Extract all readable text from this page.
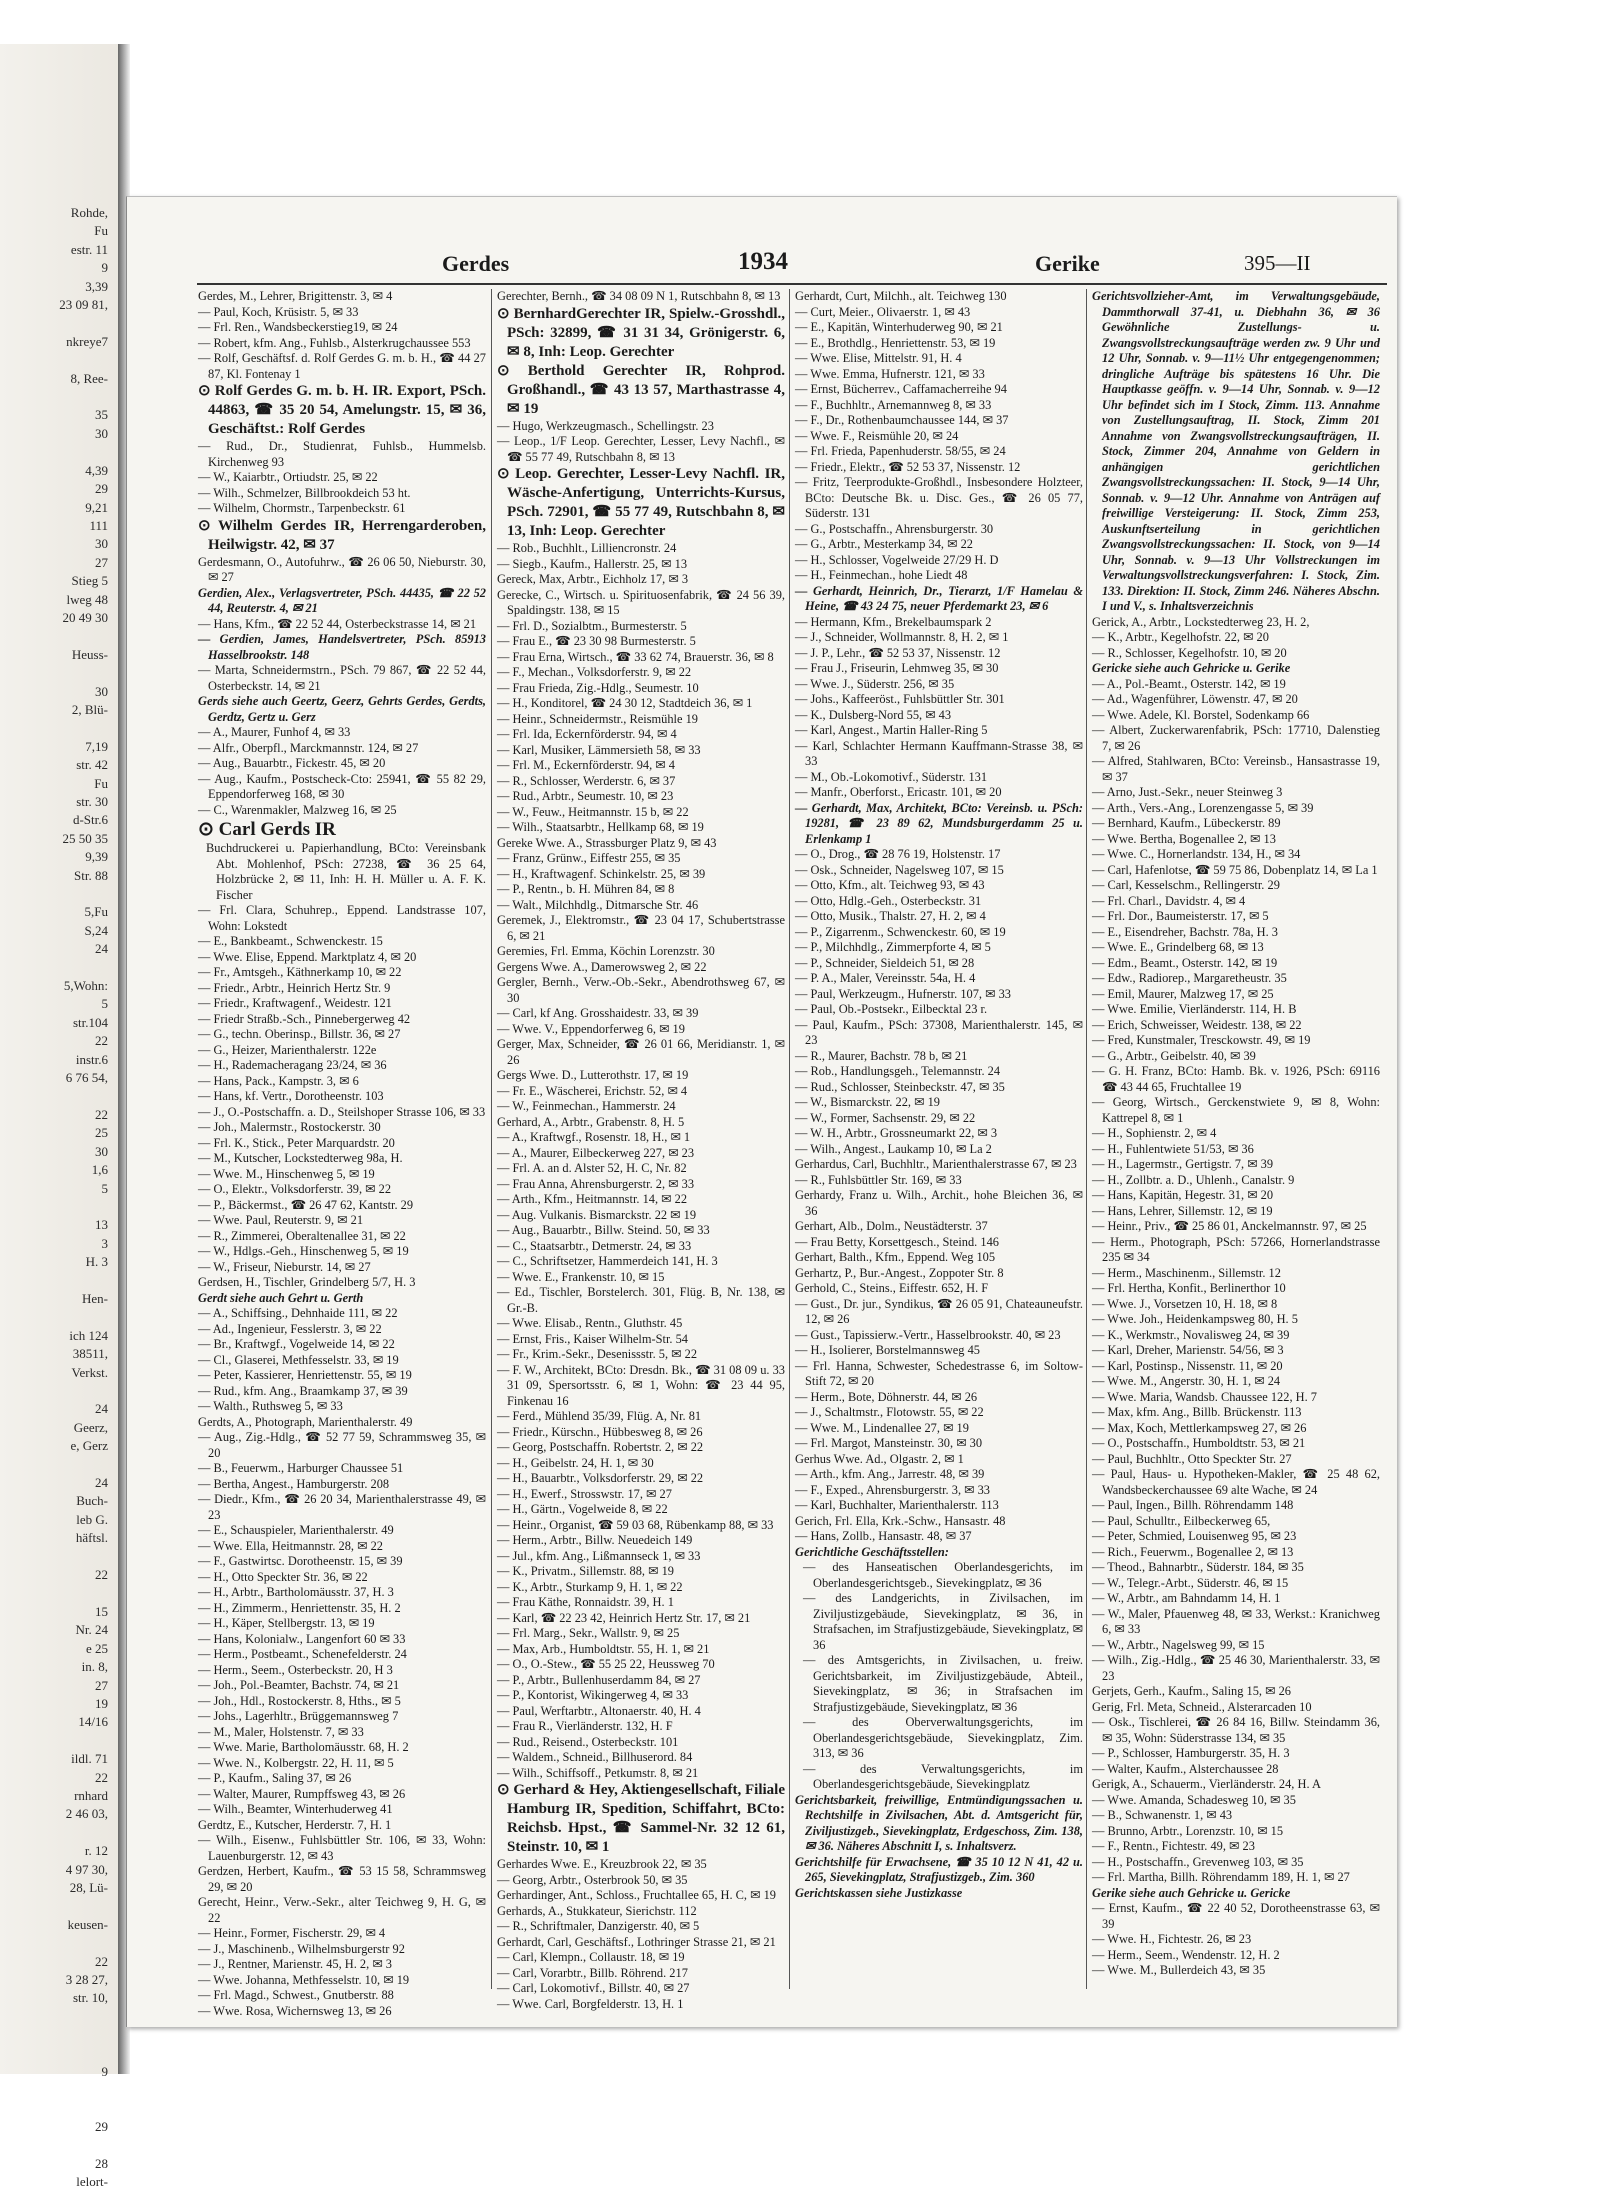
Rohde,
Fu
estr. 11
9
3,39
23 09 81,

nkreye7

8, Ree-

35
30

4,39
29
9,21
111
30
27
Stieg 5
lweg 48
20 49 30

Heuss-

30
2, Blü-

7,19
str. 42
Fu
str. 30
d-Str.6
25 50 35
9,39
Str. 88

5,Fu
S,24
24

5,Wohn:
5
str.104
22
instr.6
6 76 54,

22
25
30
1,6
5

13
3
H. 3

Hen-

ich 124
38511,
Verkst.

24
Geerz,
e, Gerz

24
Buch-
leb G.
häftsl.

22

15
Nr. 24
e 25
in. 8,
27
19
14/16

ildl. 71
22
rnhard
2 46 03,

r. 12
4 97 30,
28, Lü-

keusen-

22
3 28 27,
str. 10,

9

29

28
lelort-
Gerdes	1934	Gerike	395—II

Gerdes, M., Lehrer, Brigittenstr. 3, ✉ 4

— Paul, Koch, Krüsistr. 5, ✉ 33

— Frl. Ren., Wandsbeckerstieg19, ✉ 24

— Robert, kfm. Ang., Fuhlsb., Alsterkrugchaussee 553

— Rolf, Geschäftsf. d. Rolf Gerdes G. m. b. H., ☎ 44 27 87, Kl. Fontenay 1

⊙ Rolf Gerdes G. m. b. H. IR. Export, PSch. 44863, ☎ 35 20 54, Amelungstr. 15, ✉ 36, Geschäftst.: Rolf Gerdes

— Rud., Dr., Studienrat, Fuhlsb., Hummelsb. Kirchenweg 93

— W., Kaiarbtr., Ortiudstr. 25, ✉ 22

— Wilh., Schmelzer, Billbrookdeich 53 ht.

— Wilhelm, Chormstr., Tarpenbeckstr. 61

⊙ Wilhelm Gerdes IR, Herrengarderoben, Heilwigstr. 42, ✉ 37

Gerdesmann, O., Autofuhrw., ☎ 26 06 50, Nieburstr. 30, ✉ 27

Gerdien, Alex., Verlagsvertreter, PSch. 44435, ☎ 22 52 44, Reuterstr. 4, ✉ 21

— Hans, Kfm., ☎ 22 52 44, Osterbeckstrasse 14, ✉ 21

— Gerdien, James, Handelsvertreter, PSch. 85913 Hasselbrookstr. 148

— Marta, Schneidermstrn., PSch. 79 867, ☎ 22 52 44, Osterbeckstr. 14, ✉ 21

Gerds siehe auch Geertz, Geerz, Gehrts Gerdes, Gerdts, Gerdtz, Gertz u. Gerz

— A., Maurer, Funhof 4, ✉ 33

— Alfr., Oberpfl., Marckmannstr. 124, ✉ 27

— Aug., Bauarbtr., Fickestr. 45, ✉ 20

— Aug., Kaufm., Postscheck-Cto: 25941, ☎ 55 82 29, Eppendorferweg 168, ✉ 30

— C., Warenmakler, Malzweg 16, ✉ 25

⊙ Carl Gerds IR

Buchdruckerei u. Papierhandlung, BCto: Vereinsbank Abt. Mohlenhof, PSch: 27238, ☎ 36 25 64, Holzbrücke 2, ✉ 11, Inh: H. H. Müller u. A. F. K. Fischer

— Frl. Clara, Schuhrep., Eppend. Landstrasse 107, Wohn: Lokstedt

— E., Bankbeamt., Schwenckestr. 15

— Wwe. Elise, Eppend. Marktplatz 4, ✉ 20

— Fr., Amtsgeh., Käthnerkamp 10, ✉ 22

— Friedr., Arbtr., Heinrich Hertz Str. 9

— Friedr., Kraftwagenf., Weidestr. 121

— Friedr Straßb.-Sch., Pinnebergerweg 42

— G., techn. Oberinsp., Billstr. 36, ✉ 27

— G., Heizer, Marienthalerstr. 122e

— H., Rademacheragang 23/24, ✉ 36

— Hans, Pack., Kampstr. 3, ✉ 6

— Hans, kf. Vertr., Dorotheenstr. 103

— J., O.-Postschaffn. a. D., Steilshoper Strasse 106, ✉ 33

— Joh., Malermstr., Rostockerstr. 30

— Frl. K., Stick., Peter Marquardstr. 20

— M., Kutscher, Lockstedterweg 98a, H.

— Wwe. M., Hinschenweg 5, ✉ 19

— O., Elektr., Volksdorferstr. 39, ✉ 22

— P., Bäckermst., ☎ 26 47 62, Kantstr. 29

— Wwe. Paul, Reuterstr. 9, ✉ 21

— R., Zimmerei, Oberaltenallee 31, ✉ 22

— W., Hdlgs.-Geh., Hinschenweg 5, ✉ 19

— W., Friseur, Nieburstr. 14, ✉ 27

Gerdsen, H., Tischler, Grindelberg 5/7, H. 3

Gerdt siehe auch Gehrt u. Gerth

— A., Schiffsing., Dehnhaide 111, ✉ 22

— Ad., Ingenieur, Fesslerstr. 3, ✉ 22

— Br., Kraftwgf., Vogelweide 14, ✉ 22

— Cl., Glaserei, Methfesselstr. 33, ✉ 19

— Peter, Kassierer, Henriettenstr. 55, ✉ 19

— Rud., kfm. Ang., Braamkamp 37, ✉ 39

— Walth., Ruthsweg 5, ✉ 33

Gerdts, A., Photograph, Marienthalerstr. 49

— Aug., Zig.-Hdlg., ☎ 52 77 59, Schrammsweg 35, ✉ 20

— B., Feuerwm., Harburger Chaussee 51

— Bertha, Angest., Hamburgerstr. 208

— Diedr., Kfm., ☎ 26 20 34, Marienthalerstrasse 49, ✉ 23

— E., Schauspieler, Marienthalerstr. 49

— Wwe. Ella, Heitmannstr. 28, ✉ 22

— F., Gastwirtsc. Dorotheenstr. 15, ✉ 39

— H., Otto Speckter Str. 36, ✉ 22

— H., Arbtr., Bartholomäusstr. 37, H. 3

— H., Zimmerm., Henriettenstr. 35, H. 2

— H., Käper, Stellbergstr. 13, ✉ 19

— Hans, Kolonialw., Langenfort 60 ✉ 33

— Herm., Postbeamt., Schenefelderstr. 24

— Herm., Seem., Osterbeckstr. 20, H 3

— Joh., Pol.-Beamter, Bachstr. 74, ✉ 21

— Joh., Hdl., Rostockerstr. 8, Hths., ✉ 5

— Johs., Lagerhltr., Brüggemannsweg 7

— M., Maler, Holstenstr. 7, ✉ 33

— Wwe. Marie, Bartholomäusstr. 68, H. 2

— Wwe. N., Kolbergstr. 22, H. 11, ✉ 5

— P., Kaufm., Saling 37, ✉ 26

— Walter, Maurer, Rumpffsweg 43, ✉ 26

— Wilh., Beamter, Winterhuderweg 41

Gerdtz, E., Kutscher, Herderstr. 7, H. 1

— Wilh., Eisenw., Fuhlsbüttler Str. 106, ✉ 33, Wohn: Lauenburgerstr. 12, ✉ 43

Gerdzen, Herbert, Kaufm., ☎ 53 15 58, Schrammsweg 29, ✉ 20

Gerecht, Heinr., Verw.-Sekr., alter Teichweg 9, H. G, ✉ 22

— Heinr., Former, Fischerstr. 29, ✉ 4

— J., Maschinenb., Wilhelmsburgerstr 92

— J., Rentner, Marienstr. 45, H. 2, ✉ 3

— Wwe. Johanna, Methfesselstr. 10, ✉ 19

— Frl. Magd., Schwest., Gnutberstr. 88

— Wwe. Rosa, Wichernsweg 13, ✉ 26

Gerechter, Bernh., ☎ 34 08 09 N 1, Rutschbahn 8, ✉ 13

⊙ BernhardGerechter IR, Spielw.-Grosshdl., PSch: 32899, ☎ 31 31 34, Grönigerstr. 6, ✉ 8, Inh: Leop. Gerechter

⊙ Berthold Gerechter IR, Rohprod. Großhandl., ☎ 43 13 57, Marthastrasse 4, ✉ 19

— Hugo, Werkzeugmasch., Schellingstr. 23

— Leop., 1/F Leop. Gerechter, Lesser, Levy Nachfl., ✉ ☎ 55 77 49, Rutschbahn 8, ✉ 13

⊙ Leop. Gerechter, Lesser-Levy Nachfl. IR, Wäsche-Anfertigung, Unterrichts-Kursus, PSch. 72901, ☎ 55 77 49, Rutschbahn 8, ✉ 13, Inh: Leop. Gerechter

— Rob., Buchhlt., Lilliencronstr. 24

— Siegb., Kaufm., Hallerstr. 25, ✉ 13

Gereck, Max, Arbtr., Eichholz 17, ✉ 3

Gerecke, C., Wirtsch. u. Spirituosenfabrik, ☎ 24 56 39, Spaldingstr. 138, ✉ 15

— Frl. D., Sozialbtm., Burmesterstr. 5

— Frau E., ☎ 23 30 98 Burmesterstr. 5

— Frau Erna, Wirtsch., ☎ 33 62 74, Brauerstr. 36, ✉ 8

— F., Mechan., Volksdorferstr. 9, ✉ 22

— Frau Frieda, Zig.-Hdlg., Seumestr. 10

— H., Konditorel, ☎ 24 30 12, Stadtdeich 36, ✉ 1

— Heinr., Schneidermstr., Reismühle 19

— Frl. Ida, Eckernförderstr. 94, ✉ 4

— Karl, Musiker, Lämmersieth 58, ✉ 33

— Frl. M., Eckernförderstr. 94, ✉ 4

— R., Schlosser, Werderstr. 6, ✉ 37

— Rud., Arbtr., Seumestr. 10, ✉ 23

— W., Feuw., Heitmannstr. 15 b, ✉ 22

— Wilh., Staatsarbtr., Hellkamp 68, ✉ 19

Gereke Wwe. A., Strassburger Platz 9, ✉ 43

— Franz, Grünw., Eiffestr 255, ✉ 35

— H., Kraftwagenf. Schinkelstr. 25, ✉ 39

— P., Rentn., b. H. Mühren 84, ✉ 8

— Walt., Milchhdlg., Ditmarsche Str. 46

Geremek, J., Elektromstr., ☎ 23 04 17, Schubertstrasse 6, ✉ 21

Geremies, Frl. Emma, Köchin Lorenzstr. 30

Gergens Wwe. A., Damerowsweg 2, ✉ 22

Gergler, Bernh., Verw.-Ob.-Sekr., Abendrothsweg 67, ✉ 30

— Carl, kf Ang. Grosshaidestr. 33, ✉ 39

— Wwe. V., Eppendorferweg 6, ✉ 19

Gerger, Max, Schneider, ☎ 26 01 66, Meridianstr. 1, ✉ 26

Gergs Wwe. D., Lutterothstr. 17, ✉ 19

— Fr. E., Wäscherei, Erichstr. 52, ✉ 4

— W., Feinmechan., Hammerstr. 24

Gerhard, A., Arbtr., Grabenstr. 8, H. 5

— A., Kraftwgf., Rosenstr. 18, H., ✉ 1

— A., Maurer, Eilbeckerweg 227, ✉ 23

— Frl. A. an d. Alster 52, H. C, Nr. 82

— Frau Anna, Ahrensburgerstr. 2, ✉ 33

— Arth., Kfm., Heitmannstr. 14, ✉ 22

— Aug. Vulkanis. Bismarckstr. 22 ✉ 19

— Aug., Bauarbtr., Billw. Steind. 50, ✉ 33

— C., Staatsarbtr., Detmerstr. 24, ✉ 33

— C., Schriftsetzer, Hammerdeich 141, H. 3

— Wwe. E., Frankenstr. 10, ✉ 15

— Ed., Tischler, Borstelerch. 301, Flüg. B, Nr. 138, ✉ Gr.-B.

— Wwe. Elisab., Rentn., Gluthstr. 45

— Ernst, Fris., Kaiser Wilhelm-Str. 54

— Fr., Krim.-Sekr., Desenissstr. 5, ✉ 22

— F. W., Architekt, BCto: Dresdn. Bk., ☎ 31 08 09 u. 33 31 09, Spersortsstr. 6, ✉ 1, Wohn: ☎ 23 44 95, Finkenau 16

— Ferd., Mühlend 35/39, Flüg. A, Nr. 81

— Friedr., Kürschn., Hübbesweg 8, ✉ 26

— Georg, Postschaffn. Robertstr. 2, ✉ 22

— H., Geibelstr. 24, H. 1, ✉ 30

— H., Bauarbtr., Volksdorferstr. 29, ✉ 22

— H., Ewerf., Strosswstr. 17, ✉ 27

— H., Gärtn., Vogelweide 8, ✉ 22

— Heinr., Organist, ☎ 59 03 68, Rübenkamp 88, ✉ 33

— Herm., Arbtr., Billw. Neuedeich 149

— Jul., kfm. Ang., Lißmannseck 1, ✉ 33

— K., Privatm., Sillemstr. 88, ✉ 19

— K., Arbtr., Sturkamp 9, H. 1, ✉ 22

— Frau Käthe, Ronnaidstr. 39, H. 1

— Karl, ☎ 22 23 42, Heinrich Hertz Str. 17, ✉ 21

— Frl. Marg., Sekr., Wallstr. 9, ✉ 25

— Max, Arb., Humboldtstr. 55, H. 1, ✉ 21

— O., O.-Stew., ☎ 55 25 22, Heussweg 70

— P., Arbtr., Bullenhuserdamm 84, ✉ 27

— P., Kontorist, Wikingerweg 4, ✉ 33

— Paul, Werftarbtr., Altonaerstr. 40, H. 4

— Frau R., Vierländerstr. 132, H. F

— Rud., Reisend., Osterbeckstr. 101

— Waldem., Schneid., Billhuserord. 84

— Wilh., Schiffsoff., Petkumstr. 8, ✉ 21

⊙ Gerhard & Hey, Aktiengesellschaft, Filiale Hamburg IR, Spedition, Schiffahrt, BCto: Reichsb. Hpst., ☎ Sammel-Nr. 32 12 61, Steinstr. 10, ✉ 1

Gerhardes Wwe. E., Kreuzbrook 22, ✉ 35

— Georg, Arbtr., Osterbrook 50, ✉ 35

Gerhardinger, Ant., Schloss., Fruchtallee 65, H. C, ✉ 19

Gerhards, A., Stukkateur, Sierichstr. 112

— R., Schriftmaler, Danzigerstr. 40, ✉ 5

Gerhardt, Carl, Geschäftsf., Lothringer Strasse 21, ✉ 21

— Carl, Klempn., Collaustr. 18, ✉ 19

— Carl, Vorarbtr., Billb. Röhrend. 217

— Carl, Lokomotivf., Billstr. 40, ✉ 27

— Wwe. Carl, Borgfelderstr. 13, H. 1

Gerhardt, Curt, Milchh., alt. Teichweg 130

— Curt, Meier., Olivaerstr. 1, ✉ 43

— E., Kapitän, Winterhuderweg 90, ✉ 21

— E., Brothdlg., Henriettenstr. 53, ✉ 19

— Wwe. Elise, Mittelstr. 91, H. 4

— Wwe. Emma, Hufnerstr. 121, ✉ 33

— Ernst, Bücherrev., Caffamacherreihe 94

— F., Buchhltr., Arnemannweg 8, ✉ 33

— F., Dr., Rothenbaumchaussee 144, ✉ 37

— Wwe. F., Reismühle 20, ✉ 24

— Frl. Frieda, Papenhuderstr. 58/55, ✉ 24

— Friedr., Elektr., ☎ 52 53 37, Nissenstr. 12

— Fritz, Teerprodukte-Großhdl., Insbesondere Holzteer, BCto: Deutsche Bk. u. Disc. Ges., ☎ 26 05 77, Süderstr. 131

— G., Postschaffn., Ahrensburgerstr. 30

— G., Arbtr., Mesterkamp 34, ✉ 22

— H., Schlosser, Vogelweide 27/29 H. D

— H., Feinmechan., hohe Liedt 48

— Gerhardt, Heinrich, Dr., Tierarzt, 1/F Hamelau & Heine, ☎ 43 24 75, neuer Pferdemarkt 23, ✉ 6

— Hermann, Kfm., Brekelbaumspark 2

— J., Schneider, Wollmannstr. 8, H. 2, ✉ 1

— J. P., Lehr., ☎ 52 53 37, Nissenstr. 12

— Frau J., Friseurin, Lehmweg 35, ✉ 30

— Wwe. J., Süderstr. 256, ✉ 35

— Johs., Kaffeeröst., Fuhlsbüttler Str. 301

— K., Dulsberg-Nord 55, ✉ 43

— Karl, Angest., Martin Haller-Ring 5

— Karl, Schlachter Hermann Kauffmann-Strasse 38, ✉ 33

— M., Ob.-Lokomotivf., Süderstr. 131

— Manfr., Oberforst., Ericastr. 101, ✉ 20

— Gerhardt, Max, Architekt, BCto: Vereinsb. u. PSch: 19281, ☎ 23 89 62, Mundsburgerdamm 25 u. Erlenkamp 1

— O., Drog., ☎ 28 76 19, Holstenstr. 17

— Osk., Schneider, Nagelsweg 107, ✉ 15

— Otto, Kfm., alt. Teichweg 93, ✉ 43

— Otto, Hdlg.-Geh., Osterbeckstr. 31

— Otto, Musik., Thalstr. 27, H. 2, ✉ 4

— P., Zigarrenm., Schwenckestr. 60, ✉ 19

— P., Milchhdlg., Zimmerpforte 4, ✉ 5

— P., Schneider, Sieldeich 51, ✉ 28

— P. A., Maler, Vereinsstr. 54a, H. 4

— Paul, Werkzeugm., Hufnerstr. 107, ✉ 33

— Paul, Ob.-Postsekr., Eilbecktal 23 r.

— Paul, Kaufm., PSch: 37308, Marienthalerstr. 145, ✉ 23

— R., Maurer, Bachstr. 78 b, ✉ 21

— Rob., Handlungsgeh., Telemannstr. 24

— Rud., Schlosser, Steinbeckstr. 47, ✉ 35

— W., Bismarckstr. 22, ✉ 19

— W., Former, Sachsenstr. 29, ✉ 22

— W. H., Arbtr., Grossneumarkt 22, ✉ 3

— Wilh., Angest., Laukamp 10, ✉ La 2

Gerhardus, Carl, Buchhltr., Marienthalerstrasse 67, ✉ 23

— R., Fuhlsbüttler Str. 169, ✉ 33

Gerhardy, Franz u. Wilh., Archit., hohe Bleichen 36, ✉ 36

Gerhart, Alb., Dolm., Neustädterstr. 37

— Frau Betty, Korsettgesch., Steind. 146

Gerhart, Balth., Kfm., Eppend. Weg 105

Gerhartz, P., Bur.-Angest., Zoppoter Str. 8

Gerhold, C., Steins., Eiffestr. 652, H. F

— Gust., Dr. jur., Syndikus, ☎ 26 05 91, Chateauneufstr. 12, ✉ 26

— Gust., Tapissierw.-Vertr., Hasselbrookstr. 40, ✉ 23

— H., Isolierer, Borstelmannsweg 45

— Frl. Hanna, Schwester, Schedestrasse 6, im Soltow-Stift 72, ✉ 20

— Herm., Bote, Döhnerstr. 44, ✉ 26

— J., Schaltmstr., Flotowstr. 55, ✉ 22

— Wwe. M., Lindenallee 27, ✉ 19

— Frl. Margot, Mansteinstr. 30, ✉ 30

Gerhus Wwe. Ad., Olgastr. 2, ✉ 1

— Arth., kfm. Ang., Jarrestr. 48, ✉ 39

— F., Exped., Ahrensburgerstr. 3, ✉ 33

— Karl, Buchhalter, Marienthalerstr. 113

Gerich, Frl. Ella, Krk.-Schw., Hansastr. 48

— Hans, Zollb., Hansastr. 48, ✉ 37

Gerichtliche Geschäftsstellen:

— des Hanseatischen Oberlandesgerichts, im Oberlandesgerichtsgeb., Sievekingplatz, ✉ 36

— des Landgerichts, in Zivilsachen, im Ziviljustizgebäude, Sievekingplatz, ✉ 36, in Strafsachen, im Strafjustizgebäude, Sievekingplatz, ✉ 36

— des Amtsgerichts, in Zivilsachen, u. freiw. Gerichtsbarkeit, im Ziviljustizgebäude, Abteil., Sievekingplatz, ✉ 36; in Strafsachen im Strafjustizgebäude, Sievekingplatz, ✉ 36

— des Oberverwaltungsgerichts, im Oberlandesgerichtsgebäude, Sievekingplatz, Zim. 313, ✉ 36

— des Verwaltungsgerichts, im Oberlandesgerichtsgebäude, Sievekingplatz

Gerichtsbarkeit, freiwillige, Entmündigungssachen u. Rechtshilfe in Zivilsachen, Abt. d. Amtsgericht für, Ziviljustizgeb., Sievekingplatz, Erdgeschoss, Zim. 138, ✉ 36. Näheres Abschnitt I, s. Inhaltsverz.

Gerichtshilfe für Erwachsene, ☎ 35 10 12 N 41, 42 u. 265, Sievekingplatz, Strafjustizgeb., Zim. 360

Gerichtskassen siehe Justizkasse

Gerichtsvollzieher-Amt, im Verwaltungsgebäude, Dammthorwall 37-41, u. Diebhahn 36, ✉ 36 Gewöhnliche Zustellungs- u. Zwangsvollstreckungsaufträge werden zw. 9 Uhr und 12 Uhr, Sonnab. v. 9—11½ Uhr entgegengenommen; dringliche Aufträge bis spätestens 16 Uhr. Die Hauptkasse geöffn. v. 9—14 Uhr, Sonnab. v. 9—12 Uhr befindet sich im I Stock, Zimm. 113. Annahme von Zustellungsauftrag, II. Stock, Zimm 201 Annahme von Zwangsvollstreckungsaufträgen, II. Stock, Zimmer 204, Annahme von Geldern in anhängigen gerichtlichen Zwangsvollstreckungssachen: II. Stock, 9—14 Uhr, Sonnab. v. 9—12 Uhr. Annahme von Anträgen auf freiwillige Versteigerung: II. Stock, Zimm 253, Auskunftserteilung in gerichtlichen Zwangsvollstreckungssachen: II. Stock, von 9—14 Uhr, Sonnab. v. 9—13 Uhr Vollstreckungen im Verwaltungsvollstreckungsverfahren: I. Stock, Zim. 133. Direktion: II. Stock, Zimm 246. Näheres Abschn. I und V., s. Inhaltsverzeichnis

Gerick, A., Arbtr., Lockstedterweg 23, H. 2,

— K., Arbtr., Kegelhofstr. 22, ✉ 20

— R., Schlosser, Kegelhofstr. 10, ✉ 20

Gericke siehe auch Gehricke u. Gerike

— A., Pol.-Beamt., Osterstr. 142, ✉ 19

— Ad., Wagenführer, Löwenstr. 47, ✉ 20

— Wwe. Adele, Kl. Borstel, Sodenkamp 66

— Albert, Zuckerwarenfabrik, PSch: 17710, Dalenstieg 7, ✉ 26

— Alfred, Stahlwaren, BCto: Vereinsb., Hansastrasse 19, ✉ 37

— Arno, Just.-Sekr., neuer Steinweg 3

— Arth., Vers.-Ang., Lorenzengasse 5, ✉ 39

— Bernhard, Kaufm., Lübeckerstr. 89

— Wwe. Bertha, Bogenallee 2, ✉ 13

— Wwe. C., Hornerlandstr. 134, H., ✉ 34

— Carl, Hafenlotse, ☎ 59 75 86, Dobenplatz 14, ✉ La 1

— Carl, Kesselschm., Rellingerstr. 29

— Frl. Charl., Davidstr. 4, ✉ 4

— Frl. Dor., Baumeisterstr. 17, ✉ 5

— E., Eisendreher, Bachstr. 78a, H. 3

— Wwe. E., Grindelberg 68, ✉ 13

— Edm., Beamt., Osterstr. 142, ✉ 19

— Edw., Radiorep., Margaretheustr. 35

— Emil, Maurer, Malzweg 17, ✉ 25

— Wwe. Emilie, Vierländerstr. 114, H. B

— Erich, Schweisser, Weidestr. 138, ✉ 22

— Fred, Kunstmaler, Tresckowstr. 49, ✉ 19

— G., Arbtr., Geibelstr. 40, ✉ 39

— G. H. Franz, BCto: Hamb. Bk. v. 1926, PSch: 69116 ☎ 43 44 65, Fruchtallee 19

— Georg, Wirtsch., Gerckenstwiete 9, ✉ 8, Wohn: Kattrepel 8, ✉ 1

— H., Sophienstr. 2, ✉ 4

— H., Fuhlentwiete 51/53, ✉ 36

— H., Lagermstr., Gertigstr. 7, ✉ 39

— H., Zollbtr. a. D., Uhlenh., Canalstr. 9

— Hans, Kapitän, Hegestr. 31, ✉ 20

— Hans, Lehrer, Sillemstr. 12, ✉ 19

— Heinr., Priv., ☎ 25 86 01, Anckelmannstr. 97, ✉ 25

— Herm., Photograph, PSch: 57266, Hornerlandstrasse 235 ✉ 34

— Herm., Maschinenm., Sillemstr. 12

— Frl. Hertha, Konfit., Berlinerthor 10

— Wwe. J., Vorsetzen 10, H. 18, ✉ 8

— Wwe. Joh., Heidenkampsweg 80, H. 5

— K., Werkmstr., Novalisweg 24, ✉ 39

— Karl, Dreher, Marienstr. 54/56, ✉ 3

— Karl, Postinsp., Nissenstr. 11, ✉ 20

— Wwe. M., Angerstr. 30, H. 1, ✉ 24

— Wwe. Maria, Wandsb. Chaussee 122, H. 7

— Max, kfm. Ang., Billb. Brückenstr. 113

— Max, Koch, Mettlerkampsweg 27, ✉ 26

— O., Postschaffn., Humboldtstr. 53, ✉ 21

— Paul, Buchhltr., Otto Speckter Str. 27

— Paul, Haus- u. Hypotheken-Makler, ☎ 25 48 62, Wandsbeckerchaussee 69 alte Wache, ✉ 24

— Paul, Ingen., Billh. Röhrendamm 148

— Paul, Schulltr., Eilbeckerweg 65,

— Peter, Schmied, Louisenweg 95, ✉ 23

— Rich., Feuerwm., Bogenallee 2, ✉ 13

— Theod., Bahnarbtr., Süderstr. 184, ✉ 35

— W., Telegr.-Arbt., Süderstr. 46, ✉ 15

— W., Arbtr., am Bahndamm 14, H. 1

— W., Maler, Pfauenweg 48, ✉ 33, Werkst.: Kranichweg 6, ✉ 33

— W., Arbtr., Nagelsweg 99, ✉ 15

— Wilh., Zig.-Hdlg., ☎ 25 46 30, Marienthalerstr. 33, ✉ 23

Gerjets, Gerh., Kaufm., Saling 15, ✉ 26

Gerig, Frl. Meta, Schneid., Alsterarcaden 10

— Osk., Tischlerei, ☎ 26 84 16, Billw. Steindamm 36, ✉ 35, Wohn: Süderstrasse 134, ✉ 35

— P., Schlosser, Hamburgerstr. 35, H. 3

— Walter, Kaufm., Alsterchaussee 28

Gerigk, A., Schauerm., Vierländerstr. 24, H. A

— Wwe. Amanda, Schadesweg 10, ✉ 35

— B., Schwanenstr. 1, ✉ 43

— Brunno, Arbtr., Lorenzstr. 10, ✉ 15

— F., Rentn., Fichtestr. 49, ✉ 23

— H., Postschaffn., Grevenweg 103, ✉ 35

— Frl. Martha, Billh. Röhrendamm 189, H. 1, ✉ 27

Gerike siehe auch Gehricke u. Gericke

— Ernst, Kaufm., ☎ 22 40 52, Dorotheenstrasse 63, ✉ 39

— Wwe. H., Fichtestr. 26, ✉ 23

— Herm., Seem., Wendenstr. 12, H. 2

— Wwe. M., Bullerdeich 43, ✉ 35
